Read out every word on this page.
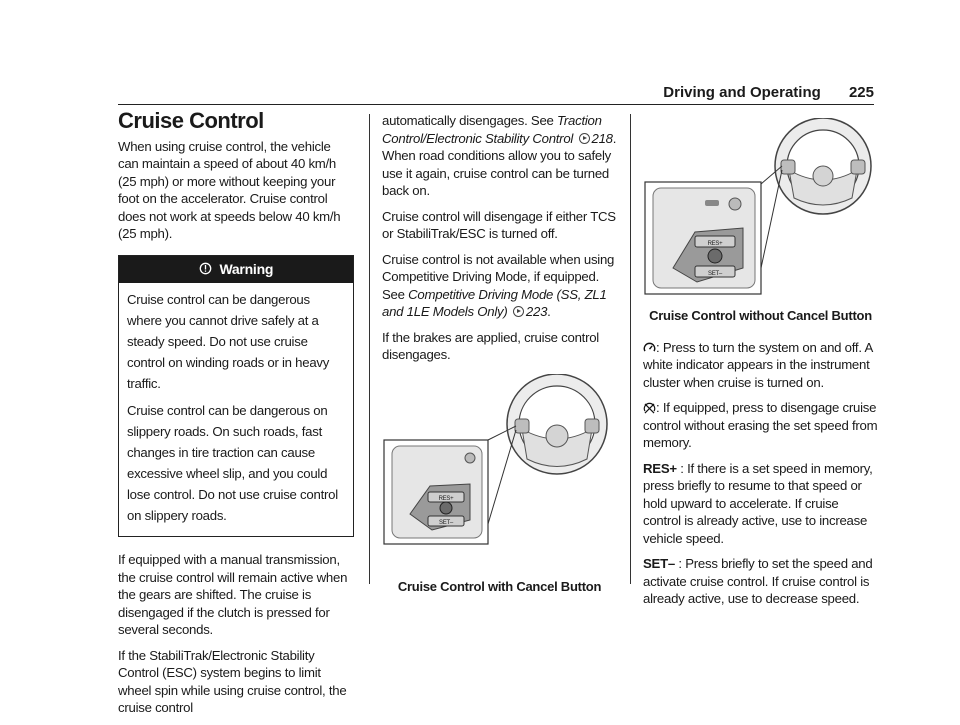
Driving and Operating 225
Cruise Control

When using cruise control, the vehicle can maintain a speed of about 40 km/h (25 mph) or more without keeping your foot on the accelerator. Cruise control does not work at speeds below 40 km/h (25 mph).

Warning

Cruise control can be dangerous where you cannot drive safely at a steady speed. Do not use cruise control on winding roads or in heavy traffic.

Cruise control can be dangerous on slippery roads. On such roads, fast changes in tire traction can cause excessive wheel slip, and you could lose control. Do not use cruise control on slippery roads.

If equipped with a manual transmission, the cruise control will remain active when the gears are shifted. The cruise is disengaged if the clutch is pressed for several seconds.

If the StabiliTrak/Electronic Stability Control (ESC) system begins to limit wheel spin while using cruise control, the cruise control

automatically disengages. See Traction Control/Electronic Stability Control 218. When road conditions allow you to safely use it again, cruise control can be turned back on.

Cruise control will disengage if either TCS or StabiliTrak/ESC is turned off.

Cruise control is not available when using Competitive Driving Mode, if equipped. See Competitive Driving Mode (SS, ZL1 and 1LE Models Only) 223.

If the brakes are applied, cruise control disengages.

RES+
SET–
Cruise Control with Cancel Button
RES+
SET–
Cruise Control without Cancel Button

: Press to turn the system on and off. A white indicator appears in the instrument cluster when cruise is turned on.

: If equipped, press to disengage cruise control without erasing the set speed from memory.

RES+ : If there is a set speed in memory, press briefly to resume to that speed or hold upward to accelerate. If cruise control is already active, use to increase vehicle speed.

SET– : Press briefly to set the speed and activate cruise control. If cruise control is already active, use to decrease speed.
